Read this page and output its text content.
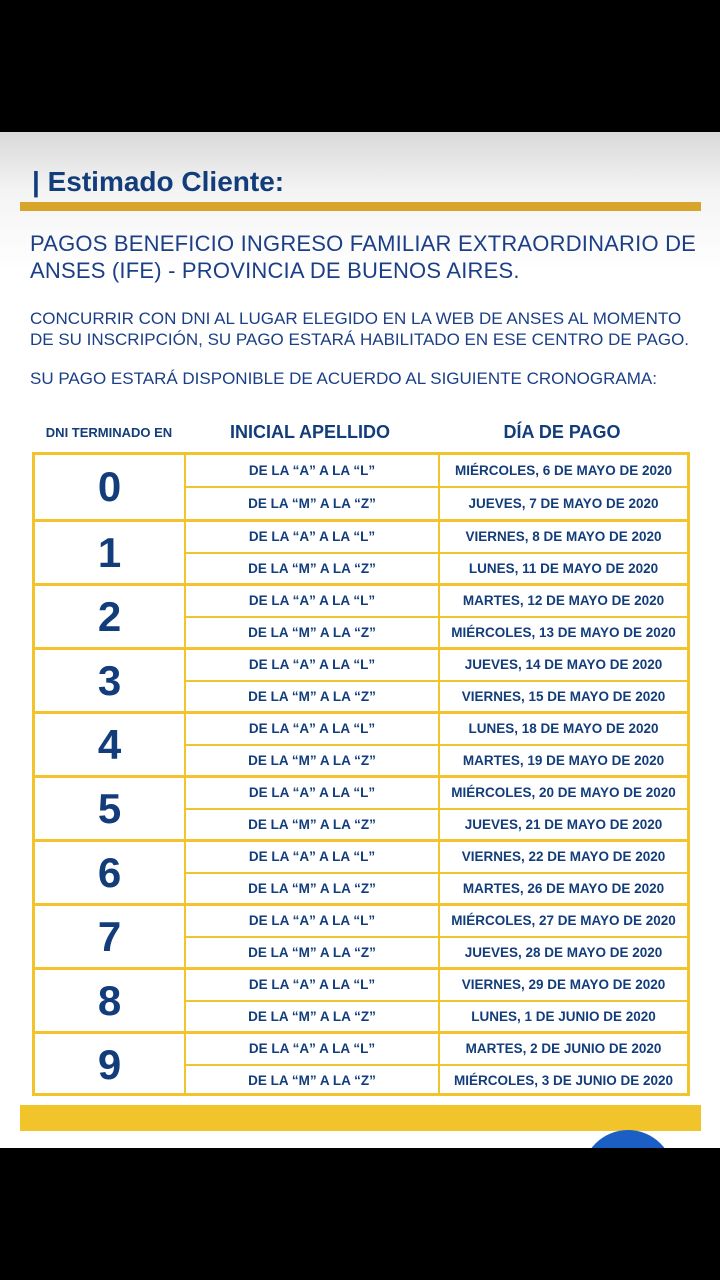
| Estimado Cliente:
PAGOS BENEFICIO INGRESO FAMILIAR EXTRAORDINARIO DE ANSES (IFE) - PROVINCIA DE BUENOS AIRES.
CONCURRIR CON DNI AL LUGAR ELEGIDO EN LA WEB DE ANSES AL MOMENTO DE SU INSCRIPCIÓN, SU PAGO ESTARÁ HABILITADO EN ESE CENTRO DE PAGO.
SU PAGO ESTARÁ DISPONIBLE DE ACUERDO AL SIGUIENTE CRONOGRAMA:
DNI TERMINADO EN	INICIAL APELLIDO	DÍA DE PAGO
0	DE LA “A” A LA “L”	MIÉRCOLES, 6 DE MAYO DE 2020
DE LA “M” A LA “Z”	JUEVES, 7 DE MAYO DE 2020
1	DE LA “A” A LA “L”	VIERNES, 8 DE MAYO DE 2020
DE LA “M” A LA “Z”	LUNES, 11 DE MAYO DE 2020
2	DE LA “A” A LA “L”	MARTES, 12 DE MAYO DE 2020
DE LA “M” A LA “Z”	MIÉRCOLES, 13 DE MAYO DE 2020
3	DE LA “A” A LA “L”	JUEVES, 14 DE MAYO DE 2020
DE LA “M” A LA “Z”	VIERNES, 15 DE MAYO DE 2020
4	DE LA “A” A LA “L”	LUNES, 18 DE MAYO DE 2020
DE LA “M” A LA “Z”	MARTES, 19 DE MAYO DE 2020
5	DE LA “A” A LA “L”	MIÉRCOLES, 20 DE MAYO DE 2020
DE LA “M” A LA “Z”	JUEVES, 21 DE MAYO DE 2020
6	DE LA “A” A LA “L”	VIERNES, 22 DE MAYO DE 2020
DE LA “M” A LA “Z”	MARTES, 26 DE MAYO DE 2020
7	DE LA “A” A LA “L”	MIÉRCOLES, 27 DE MAYO DE 2020
DE LA “M” A LA “Z”	JUEVES, 28 DE MAYO DE 2020
8	DE LA “A” A LA “L”	VIERNES, 29 DE MAYO DE 2020
DE LA “M” A LA “Z”	LUNES, 1 DE JUNIO DE 2020
9	DE LA “A” A LA “L”	MARTES, 2 DE JUNIO DE 2020
DE LA “M” A LA “Z”	MIÉRCOLES, 3 DE JUNIO DE 2020
